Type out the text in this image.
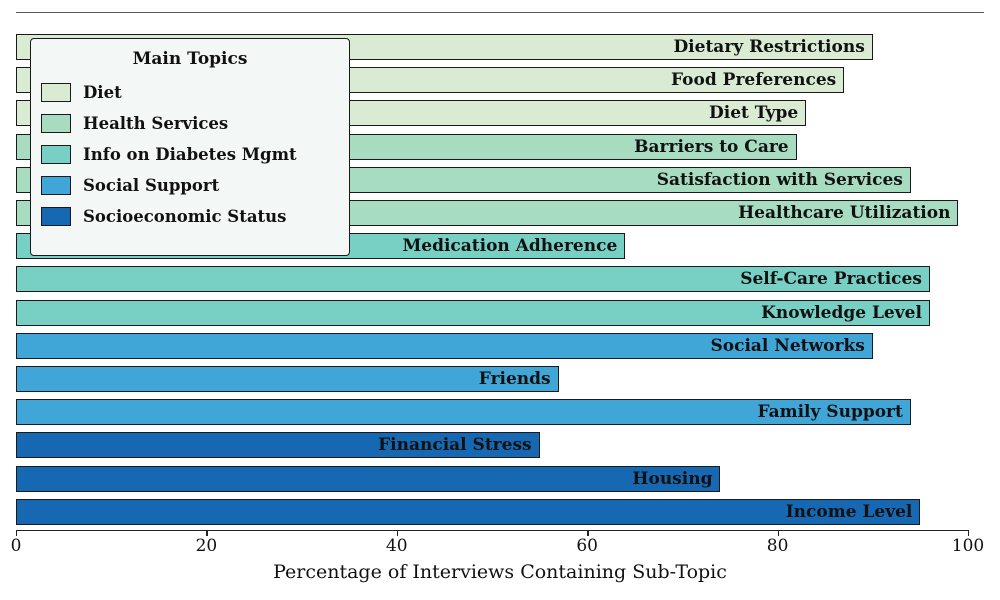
Dietary Restrictions
Food Preferences
Diet Type
Barriers to Care
Satisfaction with Services
Healthcare Utilization
Medication Adherence
Self-Care Practices
Knowledge Level
Social Networks
Friends
Family Support
Financial Stress
Housing
Income Level
0	20	40	60	80	100
Percentage of Interviews Containing Sub-Topic
Main Topics
Diet
Health Services
Info on Diabetes Mgmt
Social Support
Socioeconomic Status
